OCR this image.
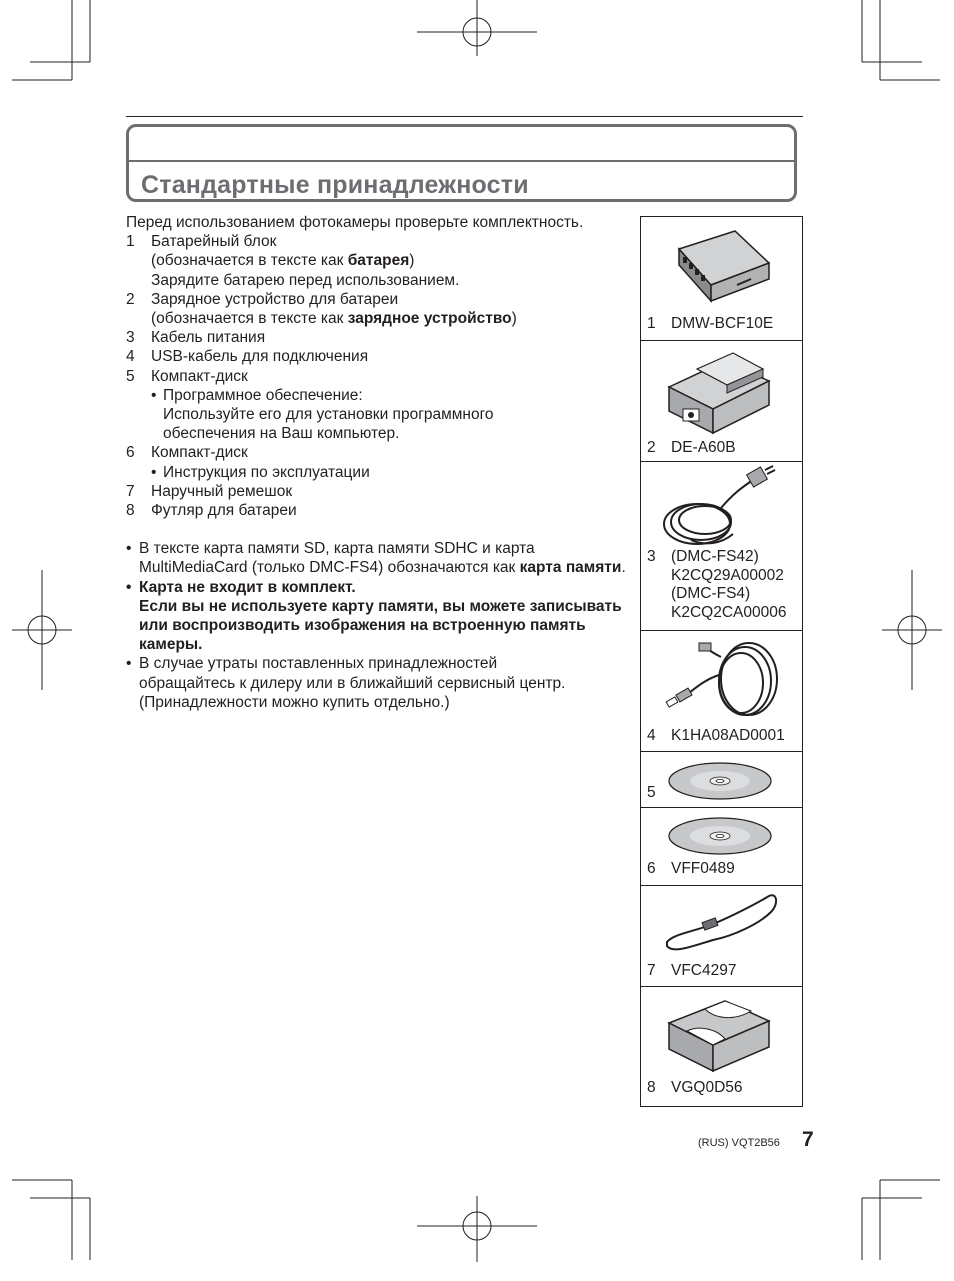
Стандартные принадлежности

Перед использованием фотокамеры проверьте комплектность.

1	Батарейный блок

(обозначается в тексте как батарея)

Зарядите батарею перед использованием.

2	Зарядное устройство для батареи

(обозначается в тексте как зарядное устройство)

3	Кабель питания
4	USB-кабель для подключения
5	Компакт-диск
• Программное обеспечение:

Используйте его для установки программного

обеспечения на Ваш компьютер.

6	Компакт-диск
• Инструкция по эксплуатации
7	Наручный ремешок
8	Футляр для батареи
• В тексте карта памяти SD, карта памяти SDHC и карта MultiMediaCard (только DMC-FS4) обозначаются как карта памяти.
• Карта не входит в комплект.
Если вы не используете карту памяти, вы можете записывать или воспроизводить изображения на встроенную память камеры.
• В случае утраты поставленных принадлежностей
обращайтесь к дилеру или в ближайший сервисный центр.
(Принадлежности можно купить отдельно.)
1 DMW-BCF10E
2 DE-A60B
3 (DMC-FS42)
K2CQ29A00002
(DMC-FS4)
K2CQ2CA00006
4 K1HA08AD0001
5
6 VFF0489
7 VFC4297
8 VGQ0D56
(RUS) VQT2B56 7
